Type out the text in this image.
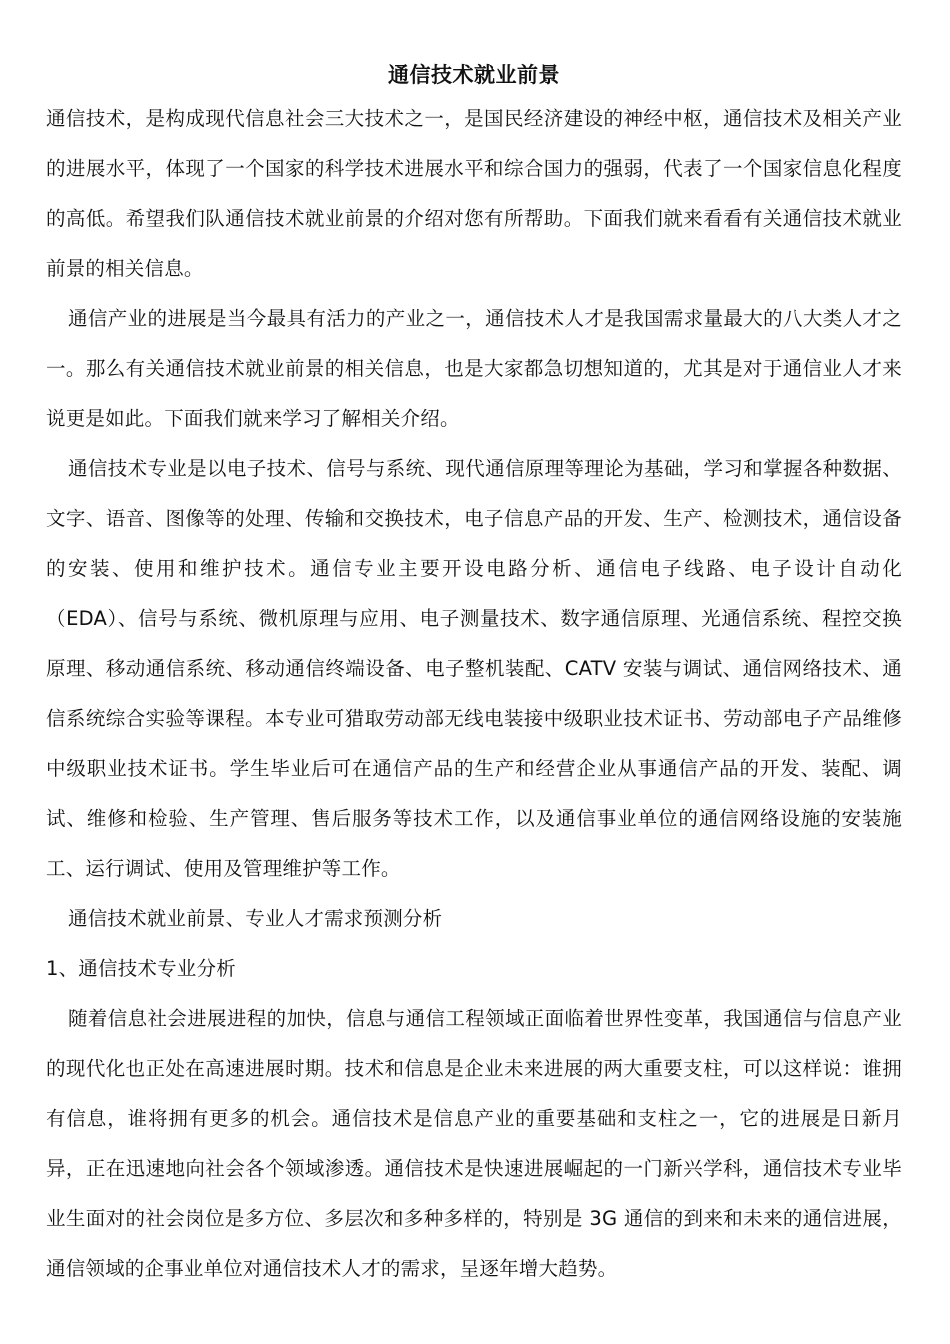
通信技术就业前景

通信技术，是构成现代信息社会三大技术之一，是国民经济建设的神经中枢，通信技术及相关产业的进展水平，体现了一个国家的科学技术进展水平和综合国力的强弱，代表了一个国家信息化程度的高低。希望我们队通信技术就业前景的介绍对您有所帮助。下面我们就来看看有关通信技术就业前景的相关信息。

通信产业的进展是当今最具有活力的产业之一，通信技术人才是我国需求量最大的八大类人才之一。那么有关通信技术就业前景的相关信息，也是大家都急切想知道的，尤其是对于通信业人才来说更是如此。下面我们就来学习了解相关介绍。

通信技术专业是以电子技术、信号与系统、现代通信原理等理论为基础，学习和掌握各种数据、文字、语音、图像等的处理、传输和交换技术，电子信息产品的开发、生产、检测技术，通信设备的安装、使用和维护技术。通信专业主要开设电路分析、通信电子线路、电子设计自动化（EDA）、信号与系统、微机原理与应用、电子测量技术、数字通信原理、光通信系统、程控交换原理、移动通信系统、移动通信终端设备、电子整机装配、CATV 安装与调试、通信网络技术、通信系统综合实验等课程。本专业可猎取劳动部无线电装接中级职业技术证书、劳动部电子产品维修中级职业技术证书。学生毕业后可在通信产品的生产和经营企业从事通信产品的开发、装配、调试、维修和检验、生产管理、售后服务等技术工作，以及通信事业单位的通信网络设施的安装施工、运行调试、使用及管理维护等工作。

通信技术就业前景、专业人才需求预测分析

1、通信技术专业分析

随着信息社会进展进程的加快，信息与通信工程领域正面临着世界性变革，我国通信与信息产业的现代化也正处在高速进展时期。技术和信息是企业未来进展的两大重要支柱，可以这样说：谁拥有信息，谁将拥有更多的机会。通信技术是信息产业的重要基础和支柱之一，它的进展是日新月异，正在迅速地向社会各个领域渗透。通信技术是快速进展崛起的一门新兴学科，通信技术专业毕业生面对的社会岗位是多方位、多层次和多种多样的，特别是 3G 通信的到来和未来的通信进展，通信领域的企事业单位对通信技术人才的需求，呈逐年增大趋势。
